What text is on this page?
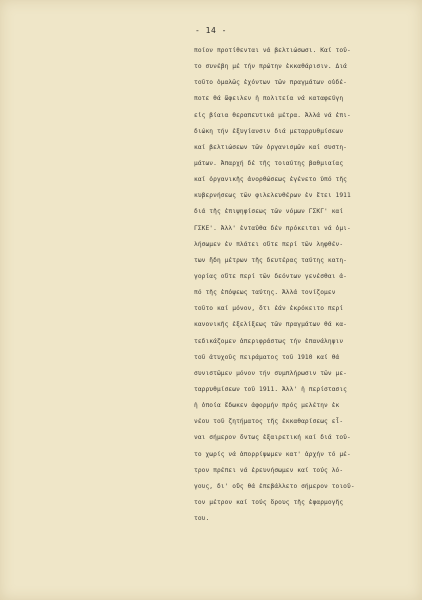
- 14 -
ποίον προτίθενται νά βελτιώσωσι. Καί τοῦ-
το συνέβη μέ τήν πρώτην ἐκκαθάρισιν. Διά
τοῦτο ὁμαλῶς ἐχόντων τῶν πραγμάτων οὐδέ-
ποτε θά ὤφειλεν ἡ πολιτεία νά καταφεύγη
εἰς βίαια θεραπευτικά μέτρα. Ἀλλά νά ἐπι-
διώκη τήν ἐξυγίανσιν διά μεταρρυθμίσεων
καί βελτιώσεων τῶν ὀργανισμῶν καί συστη-
μάτων. Ἀπαρχή δέ τῆς τοιαύτης βαθμιαίας
καί ὀργανικῆς ἀνορθώσεως ἐγένετο ὑπό τῆς
κυβερνήσεως τῶν φιλελευθέρων ἐν ἔτει 1911
διά τῆς ἐπιψηφίσεως τῶν νόμων ΓΣΚΓ' καί
ΓΣΚΕ'. Ἀλλ' ἐνταῦθα δέν πρόκειται νά ὁμι-
λήσωμεν ἐν πλάτει οὔτε περί τῶν ληφθέν-
των ἤδη μέτρων τῆς δευτέρας ταύτης κατη-
γορίας οὔτε περί τῶν δεόντων γενέσθαι ἀ-
πό τῆς ἐπόψεως ταύτης. Ἀλλά τονίζομεν
τοῦτο καί μόνον, ὅτι ἐάν ἐκρόκειτο περί
κανονικῆς ἐξελίξεως τῶν πραγμάτων θά κα-
τεδικάζομεν ἀπεριφράστως τήν ἐπανάληψιν
τοῦ ἀτυχοῦς πειράματος τοῦ 1910 καί θά
συνιστῶμεν μόνον τήν συμπλήρωσιν τῶν με-
ταρρυθμίσεων τοῦ 1911. Ἀλλ' ἡ περίστασις
ἡ ὁποία ἔδωκεν ἀφορμήν πρός μελέτην ἐκ
νέου τοῦ ζητήματος τῆς ἐκκαθαρίσεως εἶ-
ναι σήμερον ὄντως ἐξαιρετική καί διά τοῦ-
το χωρίς νά ἀπορρίψωμεν κατ' ἀρχήν τό μέ-
τρον πρέπει νά ἐρευνήσωμεν καί τούς λό-
γους, δι' οὕς θά ἐπεβάλλετο σήμερον τοιοῦ-
τον μέτρον καί τούς ὅρους τῆς ἐφαρμογῆς
του.
